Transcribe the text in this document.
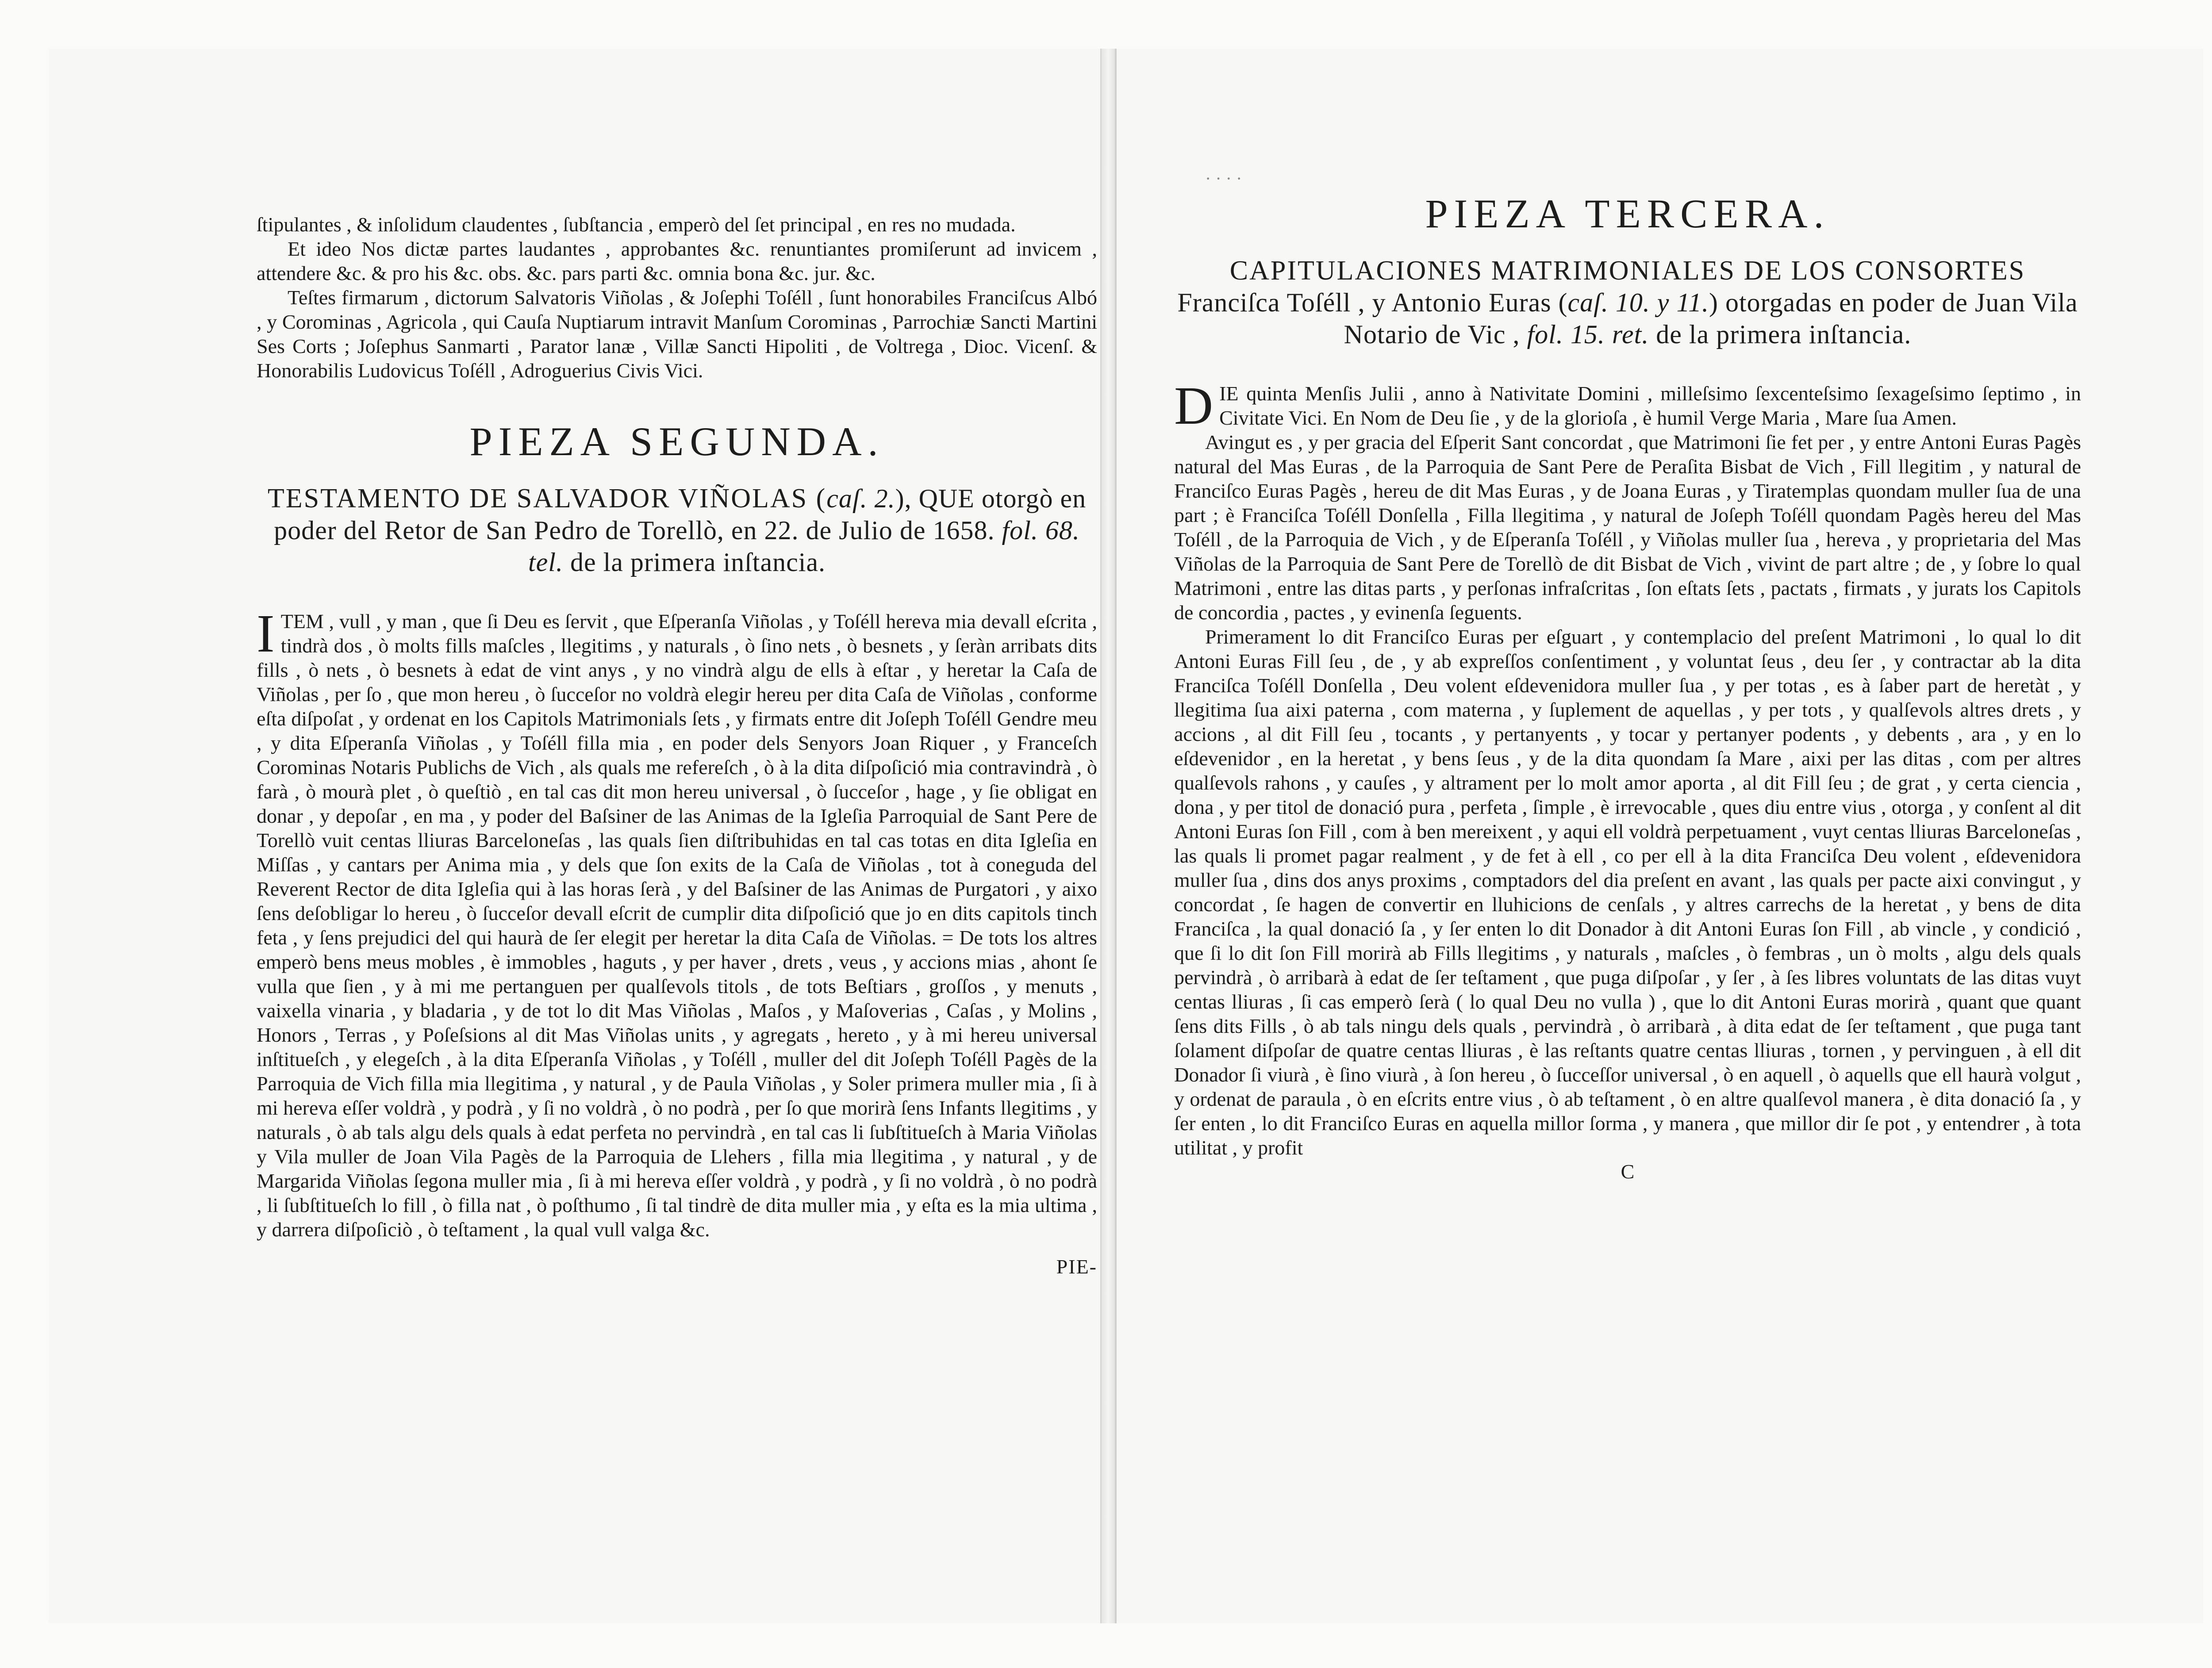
ſtipulantes , & inſolidum claudentes , ſubſtancia , emperò del ſet principal , en res no mudada.

Et ideo Nos dictæ partes laudantes , approbantes &c. renuntiantes promiſerunt ad invicem , attendere &c. & pro his &c. obs. &c. pars parti &c. omnia bona &c. jur. &c.

Teſtes firmarum , dictorum Salvatoris Viñolas , & Joſephi Toſéll , ſunt honorabiles Franciſcus Albó , y Corominas , Agricola , qui Cauſa Nuptiarum intravit Manſum Corominas , Parrochiæ Sancti Martini Ses Corts ; Joſephus Sanmarti , Parator lanæ , Villæ Sancti Hipoliti , de Voltrega , Dioc. Vicenſ. & Honorabilis Ludovicus Toſéll , Adroguerius Civis Vici.

PIEZA SEGUNDA.

TESTAMENTO DE SALVADOR VIÑOLAS (caſ. 2.), QUE otorgò en poder del Retor de San Pedro de Torellò, en 22. de Julio de 1658. fol. 68. tel. de la primera inſtancia.

I TEM , vull , y man , que ſi Deu es ſervit , que Eſperanſa Viñolas , y Toſéll hereva mia devall eſcrita , tindrà dos , ò molts fills maſcles , llegitims , y naturals , ò ſino nets , ò besnets , y ſeràn arribats dits fills , ò nets , ò besnets à edat de vint anys , y no vindrà algu de ells à eſtar , y heretar la Caſa de Viñolas , per ſo , que mon hereu , ò ſucceſor no voldrà elegir hereu per dita Caſa de Viñolas , conforme eſta diſpoſat , y ordenat en los Capitols Matrimonials ſets , y firmats entre dit Joſeph Toſéll Gendre meu , y dita Eſperanſa Viñolas , y Toſéll filla mia , en poder dels Senyors Joan Riquer , y Franceſch Corominas Notaris Publichs de Vich , als quals me refereſch , ò à la dita diſpoſició mia contravindrà , ò farà , ò mourà plet , ò queſtiò , en tal cas dit mon hereu universal , ò ſucceſor , hage , y ſie obligat en donar , y depoſar , en ma , y poder del Baſsiner de las Animas de la Igleſia Parroquial de Sant Pere de Torellò vuit centas lliuras Barceloneſas , las quals ſien diſtribuhidas en tal cas totas en dita Igleſia en Miſſas , y cantars per Anima mia , y dels que ſon exits de la Caſa de Viñolas , tot à coneguda del Reverent Rector de dita Igleſia qui à las horas ſerà , y del Baſsiner de las Animas de Purgatori , y aixo ſens deſobligar lo hereu , ò ſucceſor devall eſcrit de cumplir dita diſpoſició que jo en dits capitols tinch feta , y ſens prejudici del qui haurà de ſer elegit per heretar la dita Caſa de Viñolas. = De tots los altres emperò bens meus mobles , è immobles , haguts , y per haver , drets , veus , y accions mias , ahont ſe vulla que ſien , y à mi me pertanguen per qualſevols titols , de tots Beſtiars , groſſos , y menuts , vaixella vinaria , y bladaria , y de tot lo dit Mas Viñolas , Maſos , y Maſoverias , Caſas , y Molins , Honors , Terras , y Poſeſsions al dit Mas Viñolas units , y agregats , hereto , y à mi hereu universal inſtitueſch , y elegeſch , à la dita Eſperanſa Viñolas , y Toſéll , muller del dit Joſeph Toſéll Pagès de la Parroquia de Vich filla mia llegitima , y natural , y de Paula Viñolas , y Soler primera muller mia , ſi à mi hereva eſſer voldrà , y podrà , y ſi no voldrà , ò no podrà , per ſo que morirà ſens Infants llegitims , y naturals , ò ab tals algu dels quals à edat perfeta no pervindrà , en tal cas li ſubſtitueſch à Maria Viñolas y Vila muller de Joan Vila Pagès de la Parroquia de Llehers , filla mia llegitima , y natural , y de Margarida Viñolas ſegona muller mia , ſi à mi hereva eſſer voldrà , y podrà , y ſi no voldrà , ò no podrà , li ſubſtitueſch lo fill , ò filla nat , ò poſthumo , ſi tal tindrè de dita muller mia , y eſta es la mia ultima , y darrera diſpoſiciò , ò teſtament , la qual vull valga &c.

PIE-
· · · ·
PIEZA TERCERA.

CAPITULACIONES MATRIMONIALES DE LOS CONSORTES
Franciſca Toſéll , y Antonio Euras (caſ. 10. y 11.) otorgadas en poder de Juan Vila Notario de Vic , fol. 15. ret. de la primera inſtancia.

D IE quinta Menſis Julii , anno à Nativitate Domini , milleſsimo ſexcenteſsimo ſexageſsimo ſeptimo , in Civitate Vici. En Nom de Deu ſie , y de la glorioſa , è humil Verge Maria , Mare ſua Amen.

Avingut es , y per gracia del Eſperit Sant concordat , que Matrimoni ſie fet per , y entre Antoni Euras Pagès natural del Mas Euras , de la Parroquia de Sant Pere de Peraſita Bisbat de Vich , Fill llegitim , y natural de Franciſco Euras Pagès , hereu de dit Mas Euras , y de Joana Euras , y Tiratemplas quondam muller ſua de una part ; è Franciſca Toſéll Donſella , Filla llegitima , y natural de Joſeph Toſéll quondam Pagès hereu del Mas Toſéll , de la Parroquia de Vich , y de Eſperanſa Toſéll , y Viñolas muller ſua , hereva , y proprietaria del Mas Viñolas de la Parroquia de Sant Pere de Torellò de dit Bisbat de Vich , vivint de part altre ; de , y ſobre lo qual Matrimoni , entre las ditas parts , y perſonas infraſcritas , ſon eſtats ſets , pactats , firmats , y jurats los Capitols de concordia , pactes , y evinenſa ſeguents.

Primerament lo dit Franciſco Euras per eſguart , y contemplacio del preſent Matrimoni , lo qual lo dit Antoni Euras Fill ſeu , de , y ab expreſſos conſentiment , y voluntat ſeus , deu ſer , y contractar ab la dita Franciſca Toſéll Donſella , Deu volent eſdevenidora muller ſua , y per totas , es à ſaber part de heretàt , y llegitima ſua aixi paterna , com materna , y ſuplement de aquellas , y per tots , y qualſevols altres drets , y accions , al dit Fill ſeu , tocants , y pertanyents , y tocar y pertanyer podents , y debents , ara , y en lo eſdevenidor , en la heretat , y bens ſeus , y de la dita quondam ſa Mare , aixi per las ditas , com per altres qualſevols rahons , y cauſes , y altrament per lo molt amor aporta , al dit Fill ſeu ; de grat , y certa ciencia , dona , y per titol de donació pura , perfeta , ſimple , è irrevocable , ques diu entre vius , otorga , y conſent al dit Antoni Euras ſon Fill , com à ben mereixent , y aqui ell voldrà perpetuament , vuyt centas lliuras Barceloneſas , las quals li promet pagar realment , y de fet à ell , co per ell à la dita Franciſca Deu volent , eſdevenidora muller ſua , dins dos anys proxims , comptadors del dia preſent en avant , las quals per pacte aixi convingut , y concordat , ſe hagen de convertir en lluhicions de cenſals , y altres carrechs de la heretat , y bens de dita Franciſca , la qual donació ſa , y ſer enten lo dit Donador à dit Antoni Euras ſon Fill , ab vincle , y condició , que ſi lo dit ſon Fill morirà ab Fills llegitims , y naturals , maſcles , ò fembras , un ò molts , algu dels quals pervindrà , ò arribarà à edat de ſer teſtament , que puga diſpoſar , y ſer , à ſes libres voluntats de las ditas vuyt centas lliuras , ſi cas emperò ſerà ( lo qual Deu no vulla ) , que lo dit Antoni Euras morirà , quant que quant ſens dits Fills , ò ab tals ningu dels quals , pervindrà , ò arribarà , à dita edat de ſer teſtament , que puga tant ſolament diſpoſar de quatre centas lliuras , è las reſtants quatre centas lliuras , tornen , y pervinguen , à ell dit Donador ſi viurà , è ſino viurà , à ſon hereu , ò ſucceſſor universal , ò en aquell , ò aquells que ell haurà volgut , y ordenat de paraula , ò en eſcrits entre vius , ò ab teſtament , ò en altre qualſevol manera , è dita donació ſa , y ſer enten , lo dit Franciſco Euras en aquella millor ſorma , y manera , que millor dir ſe pot , y entendrer , à tota utilitat , y profit

C
